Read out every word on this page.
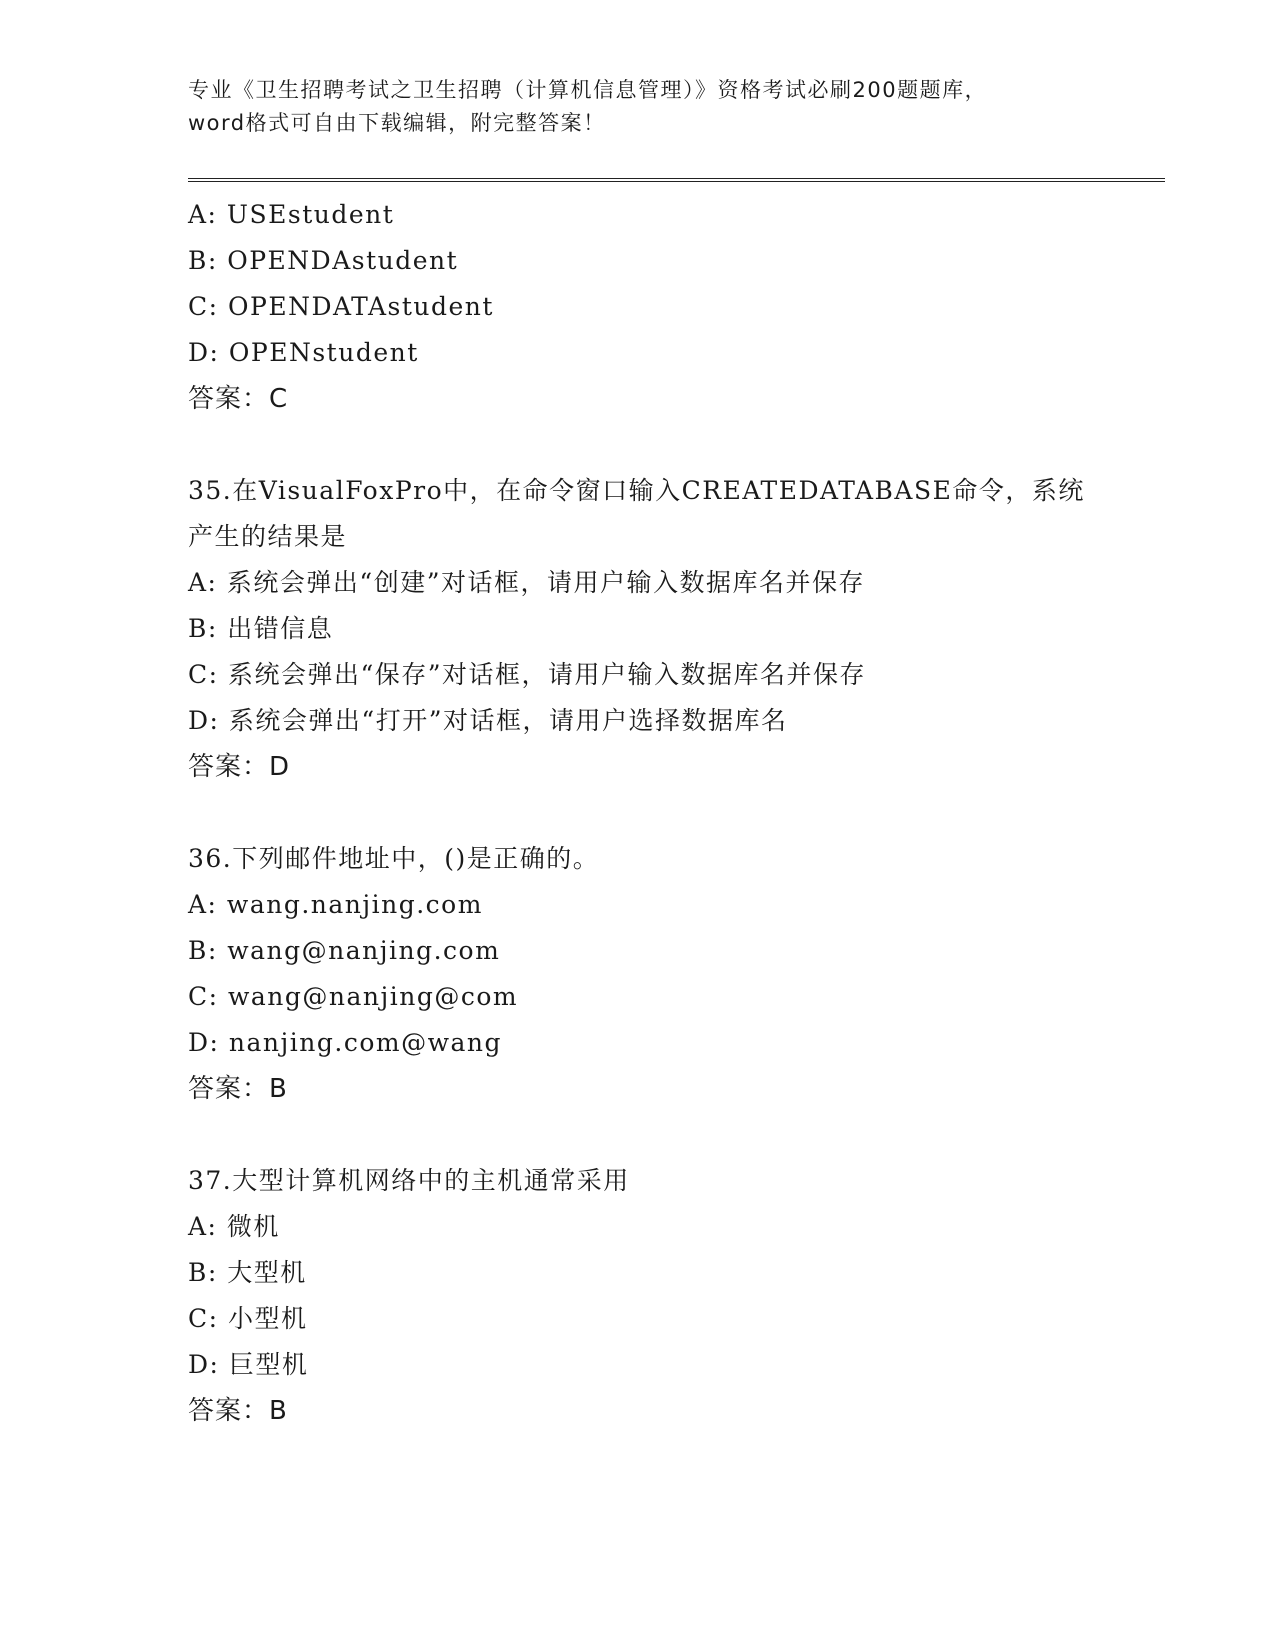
专业《卫生招聘考试之卫生招聘（计算机信息管理）》资格考试必刷200题题库，
word格式可自由下载编辑，附完整答案！
A: USEstudent
B: OPENDAstudent
C: OPENDATAstudent
D: OPENstudent
答案：C
35.在VisualFoxPro中，在命令窗口输入CREATEDATABASE命令，系统
产生的结果是
A: 系统会弹出“创建”对话框，请用户输入数据库名并保存
B: 出错信息
C: 系统会弹出“保存”对话框，请用户输入数据库名并保存
D: 系统会弹出“打开”对话框，请用户选择数据库名
答案：D
36.下列邮件地址中，()是正确的。
A: wang.nanjing.com
B: wang@nanjing.com
C: wang@nanjing@com
D: nanjing.com@wang
答案：B
37.大型计算机网络中的主机通常采用
A: 微机
B: 大型机
C: 小型机
D: 巨型机
答案：B
